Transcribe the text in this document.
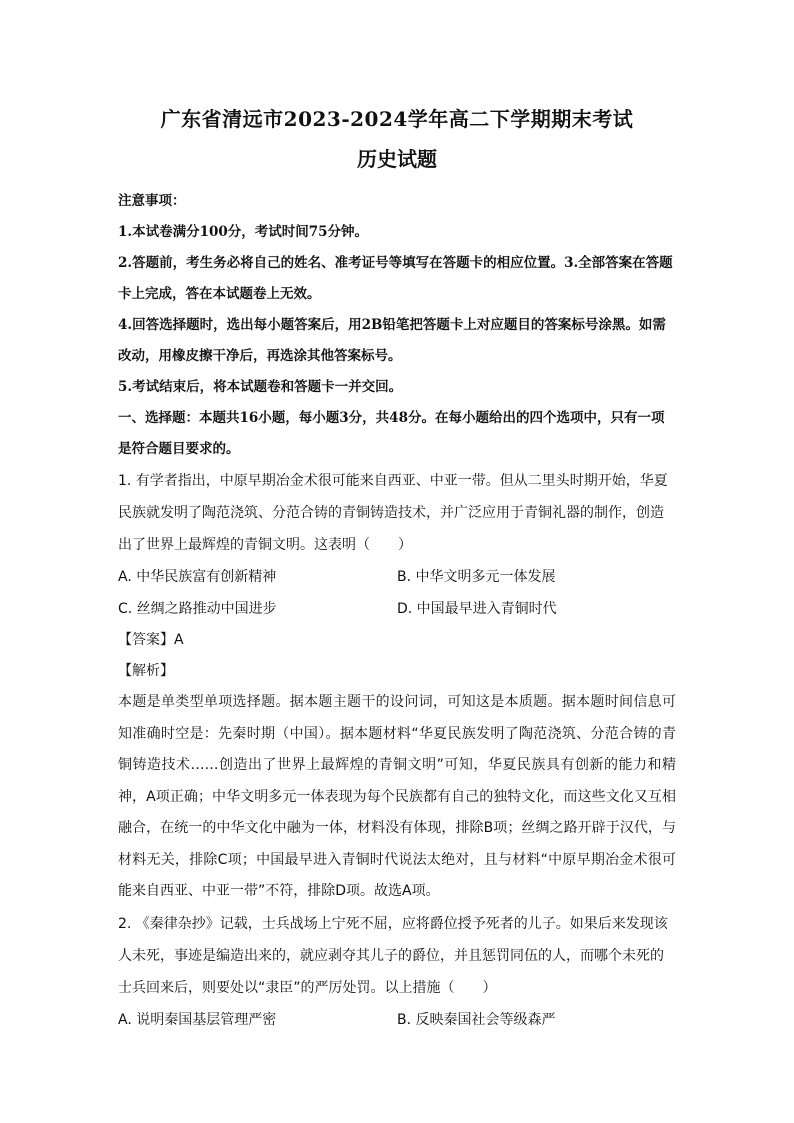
广东省清远市2023-2024学年高二下学期期末考试
历史试题

注意事项：

1.本试卷满分100分，考试时间75分钟。

2.答题前，考生务必将自己的姓名、准考证号等填写在答题卡的相应位置。3.全部答案在答题卡上完成，答在本试题卷上无效。

4.回答选择题时，选出每小题答案后，用2B铅笔把答题卡上对应题目的答案标号涂黑。如需改动，用橡皮擦干净后，再选涂其他答案标号。

5.考试结束后，将本试题卷和答题卡一并交回。

一、选择题：本题共16小题，每小题3分，共48分。在每小题给出的四个选项中，只有一项是符合题目要求的。

1. 有学者指出，中原早期冶金术很可能来自西亚、中亚一带。但从二里头时期开始，华夏民族就发明了陶范浇筑、分范合铸的青铜铸造技术，并广泛应用于青铜礼器的制作，创造出了世界上最辉煌的青铜文明。这表明（　　）

A. 中华民族富有创新精神	B. 中华文明多元一体发展
C. 丝绸之路推动中国进步	D. 中国最早进入青铜时代

【答案】A

【解析】

本题是单类型单项选择题。据本题主题干的设问词，可知这是本质题。据本题时间信息可知准确时空是：先秦时期（中国）。据本题材料“华夏民族发明了陶范浇筑、分范合铸的青铜铸造技术……创造出了世界上最辉煌的青铜文明”可知，华夏民族具有创新的能力和精神，A项正确；中华文明多元一体表现为每个民族都有自己的独特文化，而这些文化又互相融合，在统一的中华文化中融为一体，材料没有体现，排除B项；丝绸之路开辟于汉代，与材料无关，排除C项；中国最早进入青铜时代说法太绝对，且与材料“中原早期冶金术很可能来自西亚、中亚一带”不符，排除D项。故选A项。

2. 《秦律杂抄》记载，士兵战场上宁死不屈，应将爵位授予死者的儿子。如果后来发现该人未死，事迹是编造出来的，就应剥夺其儿子的爵位，并且惩罚同伍的人，而哪个未死的士兵回来后，则要处以“隶臣”的严厉处罚。以上措施（　　）

A. 说明秦国基层管理严密	B. 反映秦国社会等级森严
